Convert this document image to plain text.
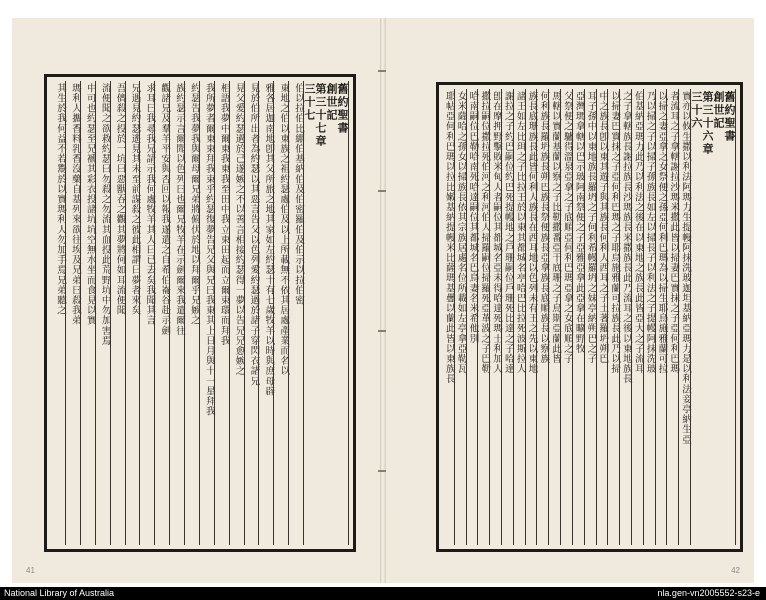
舊約聖書
創世記
第三十七章
三十七
伯以拉伯比綳伯基納伯及伯密羅伯及伯示以拉伯密
東地之伯以東族之祖約瑟處伯及以上所載無不依其居處產業而名以
雅各居迦南地卽其父所旅之地其家如左約瑟十有七歲牧羊以時與庶母辟
見於伯所出者為約瑟以其惡言告父以色列愛約瑟過於諸子穿閃衣諸兄
見父愛約瑟過於己遂嫉之不以善言相接約瑟得一夢以告兄兄愈嫉之
相語我夢中爾東我東我至田中我立束田起而立爾束環而拜我
我所夢者爾東束拜我束乎約瑟復夢告兄父與兄曰我東其上日月與十一星拜我
約瑟告我夢我與爾母爾兄弟將俯伏於地以拜爾乎兄嫉之
族約瑟示言爾聞以色列曰也爾兄牧羊在示劍爾來我遣爾往
觀諸兄及羣羊平安與否回以報我遂遣之自希伯崙谷赴示劍
求耳曰我尋我兄請示我何處牧羊其人曰已去矣我聞其言
兄遇見約瑟遙見其未至前謀殺之彼此相謂曰夢者來矣
吾儕殺之投於一坑曰惡獸吞之觀其夢將何如耳流便聞
流便聞之欲救約瑟曰勿殺之勿流其血投此荒野坑中勿加害焉
中可也約瑟至兄褫其彩衣投諸坑坑空無水坐而食見以實
瑪利人攜香料乳香沒藥自基列來欲往埃及兄弟曰殺我弟
其生於我何益不若鬻於以實瑪利人勿加手焉兄弟聽之
41
舊約聖書
創世記
第三十六章
三十六
實亦以攸生撒以利法阿瑪力生提幔阿抹洗玻迦坦基納亞瑪力是以利法妾亭納生亞
者流耳之子拿轄謝拉沙瑪米撒此皆以掃妻巴實抹之子亞何利巴瑪
以掃之妻亞拿之女祭便之孫亞何利巴瑪為以掃生耶烏施雅蘭可拉
乃以掃之子以掃子孫族長如左以掃長子以利法之子提幔阿抹洗玻
伯基納亞瑪力此乃以利法之後在以東地之族長此皆亞大之子流耳
之子拿轄族長謝拉族長沙瑪族長米撒族長此乃流耳之後以東地族長
以掃妻巴實抹之子亞何利巴瑪之子耶烏施雅蘭可拉族長此乃以掃
中之族長卽以東其遊子與其族長何利人西耳之子土著羅坍朔巴
耳子孫中以東地族長羅坍之子何利希幔羅坍之妹亭納朔巴之子
亞灣瑪拿轄以巴示玻阿南祭便之子亞雅亞拿此亞拿在曠野牧
父祭便之驢得溫泉亞拿之子底順亞何利巴瑪亞拿之女底順之子
馬轄以實蘭基蘭以察之子比勒撒番亞干底珊之子烏斯亞蘭此皆
何利族長羅坍族長朔巴族長祭便族長亞拿族長底順族長以察族
族長底珊族長此皆何利人族長在西耳地以色列未有王之先以東地
諸王如左比珥之子比拉王於以東其都城名亭哈巴比拉死波斯拉人
謝拉之子約巴嗣位約巴死提幔地之戶珊嗣位戶珊死比達之子哈達
卽在摩押野擊敗米甸人者嗣位其都城名亞未得哈達死瑪士利加人
撒拉嗣位撒拉死伯河之利河伯人掃羅嗣位掃羅死亞革波之子巴勒
哈南嗣位巴勒哈南死哈達嗣位其都城名巴烏妻名米希他別
女米薩哈之孫女以掃族長依其宗族居處名位所載如左亭拿亞勒瓦
耶帖亞何利巴瑪以拉比嫩基納提幔米比薩瑪基疊以蘭此皆以東族長
42
National Library of Australia	nla.gen-vn2005552-s23-e
